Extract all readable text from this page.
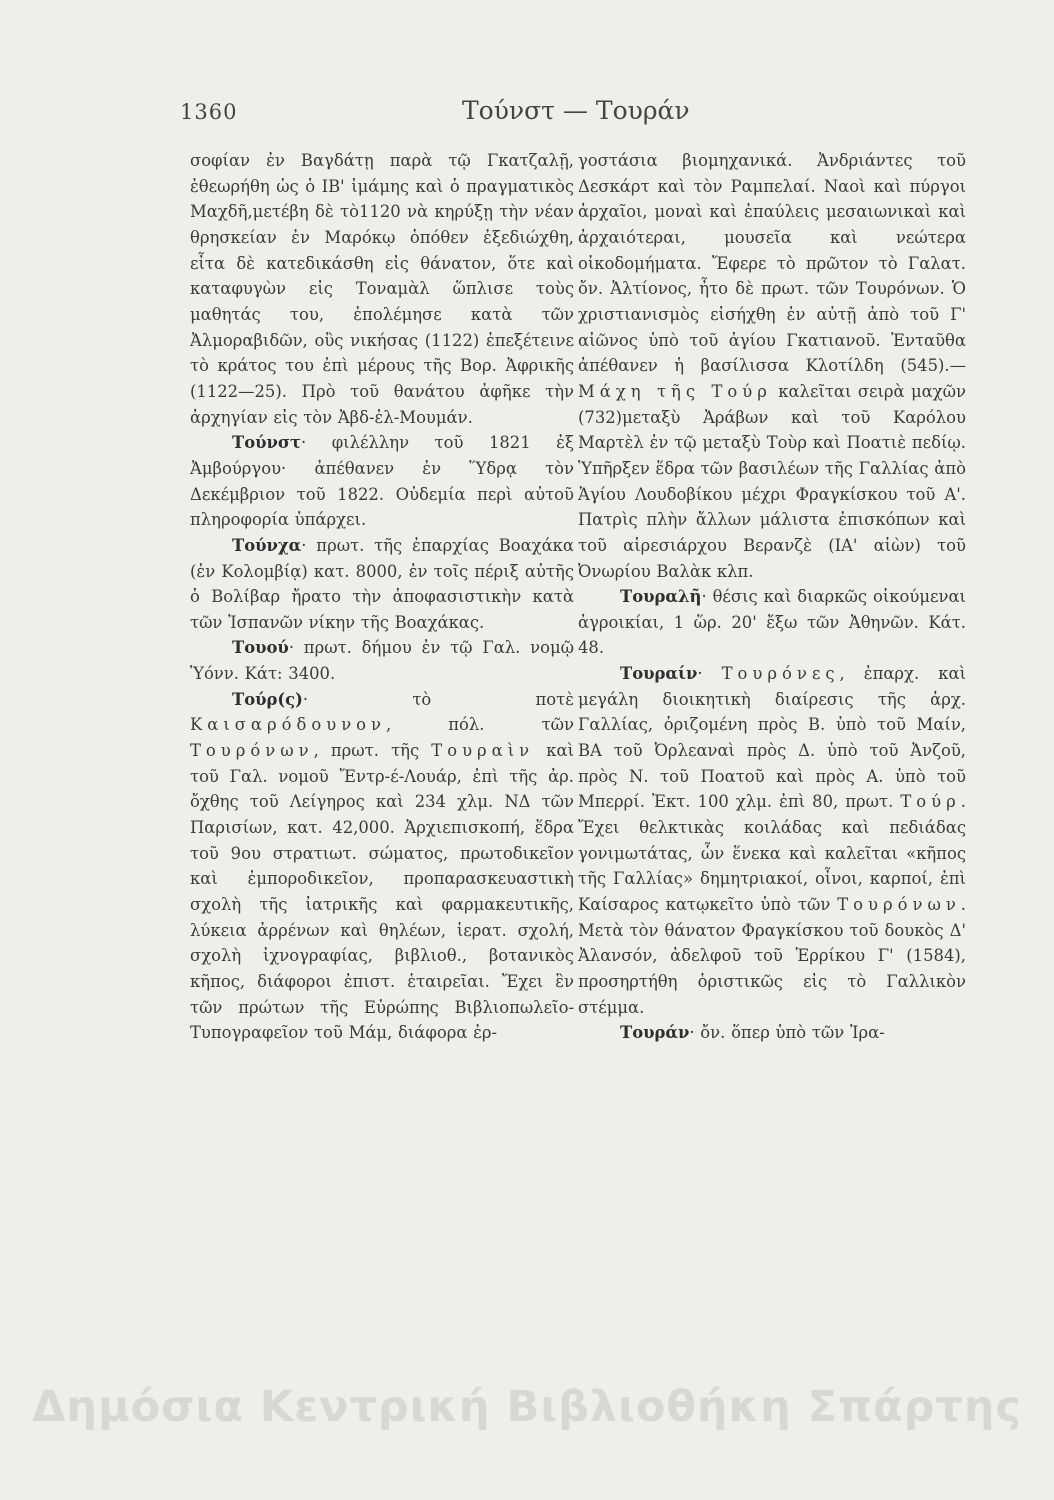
1360	Τούνστ — Τουράν

σοφίαν ἐν Βαγδάτῃ παρὰ τῷ Γκατζαλῇ, ἐθεωρήθη ὡς ὁ ΙΒ' ἰμάμης καὶ ὁ πραγματικὸς Μαχδῆ,μετέβη δὲ τὸ1120 νὰ κηρύξῃ τὴν νέαν θρησκείαν ἐν Μαρόκῳ ὁπόθεν ἐξεδιώχθη, εἶτα δὲ κατεδικάσθη εἰς θάνατον, ὅτε καὶ καταφυγὼν εἰς Τοναμὰλ ὥπλισε τοὺς μαθητάς του, ἐπολέμησε κατὰ τῶν Ἀλμοραβιδῶν, οὓς νικήσας (1122) ἐπεξέτεινε τὸ κράτος του ἐπὶ μέρους τῆς Βορ. Ἀφρικῆς (1122—25). Πρὸ τοῦ θανάτου ἀφῆκε τὴν ἀρχηγίαν εἰς τὸν Ἀβδ-ἐλ-Μουμάν.

Τούνστ· φιλέλλην τοῦ 1821 ἐξ Ἀμβούργου· ἀπέθανεν ἐν Ὕδρᾳ τὸν Δεκέμβριον τοῦ 1822. Οὐδεμία περὶ αὐτοῦ πληροφορία ὑπάρχει.

Τούνχα· πρωτ. τῆς ἐπαρχίας Βοαχάκα (ἐν Κολομβίᾳ) κατ. 8000, ἐν τοῖς πέριξ αὐτῆς ὁ Βολίβαρ ἤρατο τὴν ἀποφασιστικὴν κατὰ τῶν Ἰσπανῶν νίκην τῆς Βοαχάκας.

Τουού· πρωτ. δήμου ἐν τῷ Γαλ. νομῷ Ὑόνν. Κάτ: 3400.

Τούρ(ς)· τὸ ποτὲ Καισαρόδουνον, πόλ. τῶν Τουρόνων, πρωτ. τῆς Τουραὶν καὶ τοῦ Γαλ. νομοῦ Ἔντρ-έ-Λουάρ, ἐπὶ τῆς ἀρ. ὄχθης τοῦ Λείγηρος καὶ 234 χλμ. ΝΔ τῶν Παρισίων, κατ. 42,000. Ἀρχιεπισκοπή, ἕδρα τοῦ 9ου στρατιωτ. σώματος, πρωτοδικεῖον καὶ ἐμποροδικεῖον, προπαρασκευαστικὴ σχολὴ τῆς ἰατρικῆς καὶ φαρμακευτικῆς, λύκεια ἀρρένων καὶ θηλέων, ἱερατ. σχολή, σχολὴ ἰχνογραφίας, βιβλιοθ., βοτανικὸς κῆπος, διάφοροι ἐπιστ. ἑταιρεῖαι. Ἔχει ἓν τῶν πρώτων τῆς Εὐρώπης Βιβλιοπωλεῖο-Τυπογραφεῖον τοῦ Μάμ, διάφορα ἐρ-

γοστάσια βιομηχανικά. Ἀνδριάντες τοῦ Δεσκάρτ καὶ τὸν Ραμπελαί. Ναοὶ καὶ πύργοι ἀρχαῖοι, μοναὶ καὶ ἐπαύλεις μεσαιωνικαὶ καὶ ἀρχαιότεραι, μουσεῖα καὶ νεώτερα οἰκοδομήματα. Ἔφερε τὸ πρῶτον τὸ Γαλατ. ὄν. Ἀλτίονος, ἦτο δὲ πρωτ. τῶν Τουρόνων. Ὁ χριστιανισμὸς εἰσήχθη ἐν αὐτῇ ἀπὸ τοῦ Γ' αἰῶνος ὑπὸ τοῦ ἁγίου Γκατιανοῦ. Ἐνταῦθα ἀπέθανεν ἡ βασίλισσα Κλοτίλδη (545).— Μάχη τῆς Τούρ καλεῖται σειρὰ μαχῶν (732)μεταξὺ Ἀράβων καὶ τοῦ Καρόλου Μαρτὲλ ἐν τῷ μεταξὺ Τοὺρ καὶ Ποατιὲ πεδίῳ. Ὑπῆρξεν ἕδρα τῶν βασιλέων τῆς Γαλλίας ἀπὸ Ἁγίου Λουδοβίκου μέχρι Φραγκίσκου τοῦ Α'. Πατρὶς πλὴν ἄλλων μάλιστα ἐπισκόπων καὶ τοῦ αἱρεσιάρχου Βερανζὲ (ΙΑ' αἰὼν) τοῦ Ὀνωρίου Βαλὰκ κλπ.

Τουραλῆ· θέσις καὶ διαρκῶς οἰκούμεναι ἀγροικίαι, 1 ὥρ. 20' ἔξω τῶν Ἀθηνῶν. Κάτ. 48.

Τουραίν· Τουρόνες, ἐπαρχ. καὶ μεγάλη διοικητικὴ διαίρεσις τῆς ἀρχ. Γαλλίας, ὁριζομένη πρὸς Β. ὑπὸ τοῦ Μαίν, ΒΑ τοῦ Ὀρλεαναὶ πρὸς Δ. ὑπὸ τοῦ Ἀνζοῦ, πρὸς Ν. τοῦ Ποατοῦ καὶ πρὸς Α. ὑπὸ τοῦ Μπερρί. Ἐκτ. 100 χλμ. ἐπὶ 80, πρωτ. Τούρ. Ἔχει θελκτικὰς κοιλάδας καὶ πεδιάδας γονιμωτάτας, ὧν ἕνεκα καὶ καλεῖται «κῆπος τῆς Γαλλίας» δημητριακοί, οἶνοι, καρποί, ἐπὶ Καίσαρος κατῳκεῖτο ὑπὸ τῶν Τουρόνων. Μετὰ τὸν θάνατον Φραγκίσκου τοῦ δουκὸς Δ' Ἀλανσόν, ἀδελφοῦ τοῦ Ἑρρίκου Γ' (1584), προσηρτήθη ὁριστικῶς εἰς τὸ Γαλλικὸν στέμμα.

Τουράν· ὄν. ὅπερ ὑπὸ τῶν Ἰρα-

Δημόσια Κεντρική Βιβλιοθήκη Σπάρτης
